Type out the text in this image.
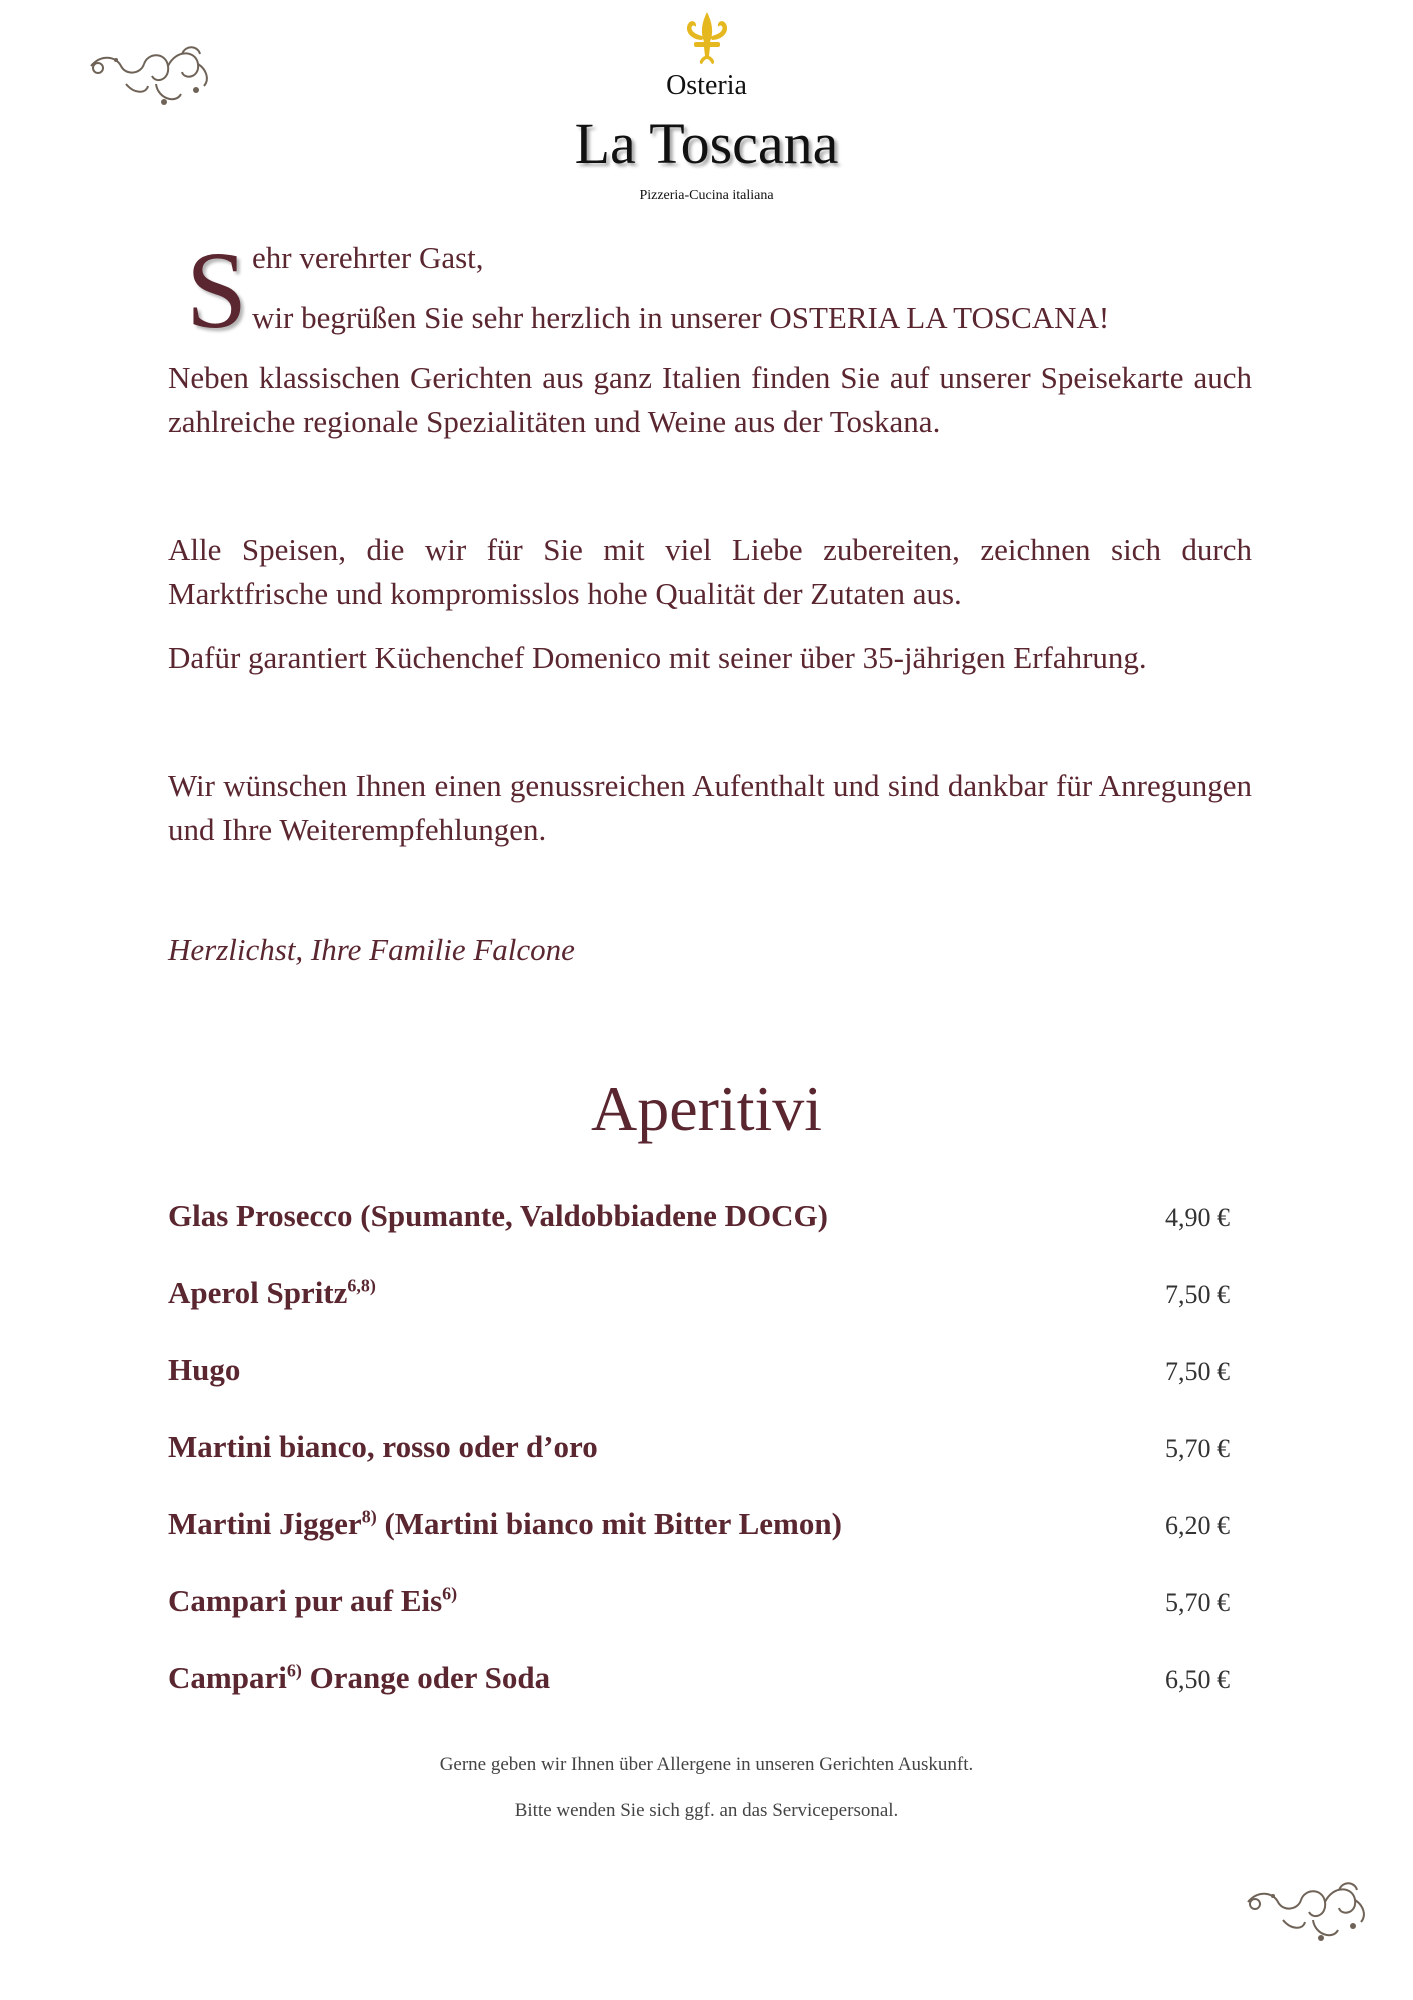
Osteria
La Toscana
Pizzeria-Cucina italiana
S ehr verehrter Gast,
wir begrüßen Sie sehr herzlich in unserer OSTERIA LA TOSCANA!

Neben klassischen Gerichten aus ganz Italien finden Sie auf unserer Speisekarte auch zahlreiche regionale Spezialitäten und Weine aus der Toskana.

Alle Speisen, die wir für Sie mit viel Liebe zubereiten, zeichnen sich durch Marktfrische und kompromisslos hohe Qualität der Zutaten aus.

Dafür garantiert Küchenchef Domenico mit seiner über 35-jährigen Erfahrung.

Wir wünschen Ihnen einen genussreichen Aufenthalt und sind dankbar für Anregungen und Ihre Weiterempfehlungen.

Herzlichst, Ihre Familie Falcone

Aperitivi
Glas Prosecco (Spumante, Valdobbiadene DOCG)	4,90 €
Aperol Spritz$^{6,8)}$	7,50 €
Hugo	7,50 €
Martini bianco, rosso oder d’oro	5,70 €
Martini Jigger$^{8)}$ (Martini bianco mit Bitter Lemon)	6,20 €
Campari pur auf Eis$^{6)}$	5,70 €
Campari$^{6)}$ Orange oder Soda	6,50 €
Gerne geben wir Ihnen über Allergene in unseren Gerichten Auskunft.
Bitte wenden Sie sich ggf. an das Servicepersonal.
